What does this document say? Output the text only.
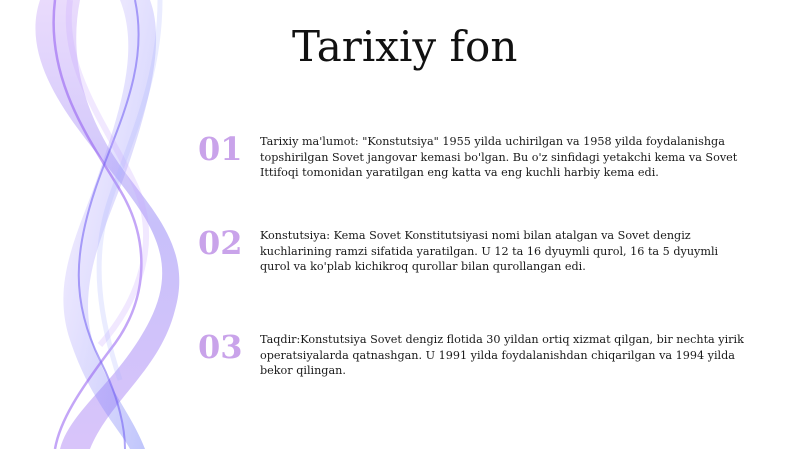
Tarixiy fon
01 Tarixiy ma'lumot: "Konstutsiya" 1955 yilda uchirilgan va 1958 yilda foydalanishga topshirilgan Sovet jangovar kemasi bo'lgan. Bu o'z sinfidagi yetakchi kema va Sovet Ittifoqi tomonidan yaratilgan eng katta va eng kuchli harbiy kema edi.
02 Konstutsiya: Kema Sovet Konstitutsiyasi nomi bilan atalgan va Sovet dengiz kuchlarining ramzi sifatida yaratilgan. U 12 ta 16 dyuymli qurol, 16 ta 5 dyuymli qurol va ko'plab kichikroq qurollar bilan qurollangan edi.
03 Taqdir:Konstutsiya Sovet dengiz flotida 30 yildan ortiq xizmat qilgan, bir nechta yirik operatsiyalarda qatnashgan. U 1991 yilda foydalanishdan chiqarilgan va 1994 yilda bekor qilingan.
